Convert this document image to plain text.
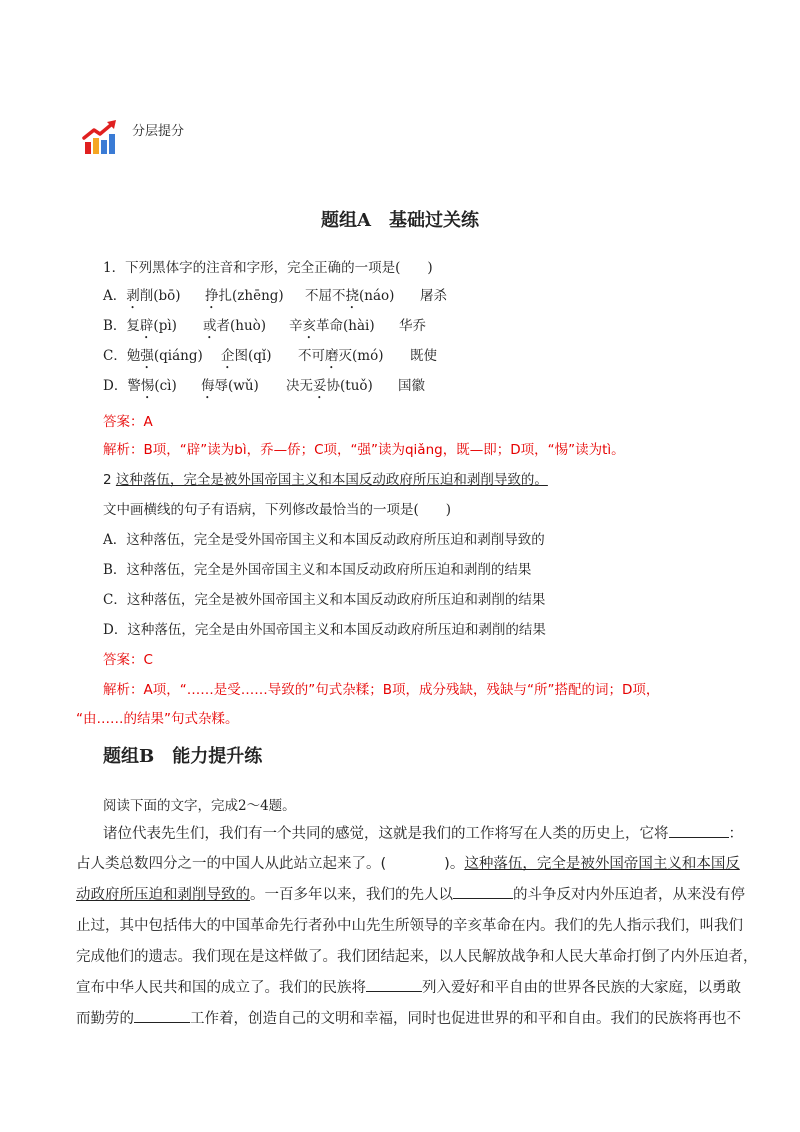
分层提分
题组A　基础过关练
1．下列黑体字的注音和字形，完全正确的一项是(　　)
A．剥削(bō) 挣扎(zhēng) 不屈不挠(náo) 屠杀
B．复辟(pì) 或者(huò) 辛亥革命(hài) 华乔
C．勉强(qiáng) 企图(qǐ) 不可磨灭(mó) 既使
D．警惕(cì) 侮辱(wǔ) 决无妥协(tuǒ) 国徽
答案：A
解析：B项，“辟”读为bì，乔—侨；C项，“强”读为qiǎng，既—即；D项，“惕”读为tì。
2 这种落伍，完全是被外国帝国主义和本国反动政府所压迫和剥削导致的。
文中画横线的句子有语病，下列修改最恰当的一项是(　　)
A．这种落伍，完全是受外国帝国主义和本国反动政府所压迫和剥削导致的
B．这种落伍，完全是外国帝国主义和本国反动政府所压迫和剥削的结果
C．这种落伍，完全是被外国帝国主义和本国反动政府所压迫和剥削的结果
D．这种落伍，完全是由外国帝国主义和本国反动政府所压迫和剥削的结果
答案：C
解析：A项，“……是受……导致的”句式杂糅；B项，成分残缺，残缺与“所”搭配的词；D项，
“由……的结果”句式杂糅。
题组B　能力提升练
阅读下面的文字，完成2～4题。
诸位代表先生们，我们有一个共同的感觉，这就是我们的工作将写在人类的历史上，它将	：
占人类总数四分之一的中国人从此站立起来了。(	)。这种落伍，完全是被外国帝国主义和本国反
动政府所压迫和剥削导致的。一百多年以来，我们的先人以	的斗争反对内外压迫者，从来没有停
止过，其中包括伟大的中国革命先行者孙中山先生所领导的辛亥革命在内。我们的先人指示我们，叫我们
完成他们的遗志。我们现在是这样做了。我们团结起来，以人民解放战争和人民大革命打倒了内外压迫者，
宣布中华人民共和国的成立了。我们的民族将	列入爱好和平自由的世界各民族的大家庭，以勇敢
而勤劳的	工作着，创造自己的文明和幸福，同时也促进世界的和平和自由。我们的民族将再也不
